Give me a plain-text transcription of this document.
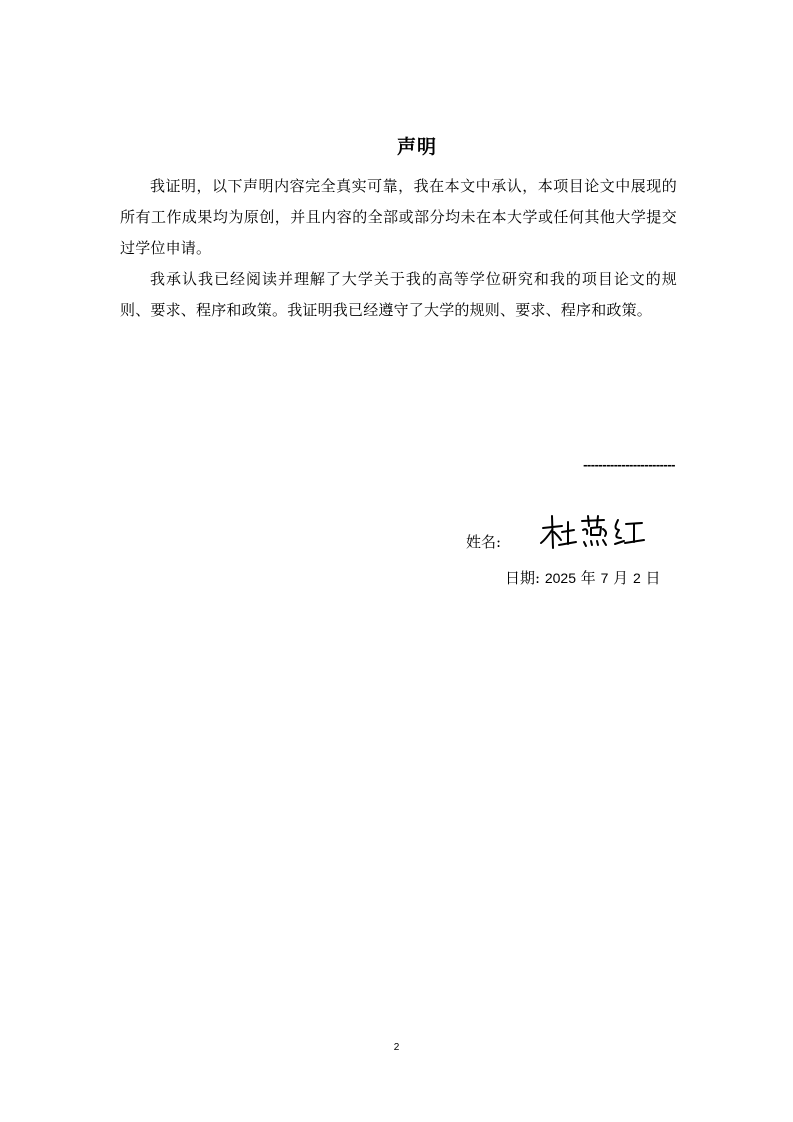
声明

我证明，以下声明内容完全真实可靠，我在本文中承认，本项目论文中展现的所有工作成果均为原创，并且内容的全部或部分均未在本大学或任何其他大学提交过学位申请。

我承认我已经阅读并理解了大学关于我的高等学位研究和我的项目论文的规则、要求、程序和政策。我证明我已经遵守了大学的规则、要求、程序和政策。

------------------------
姓名:
日期: 2025 年 7 月 2 日
2
